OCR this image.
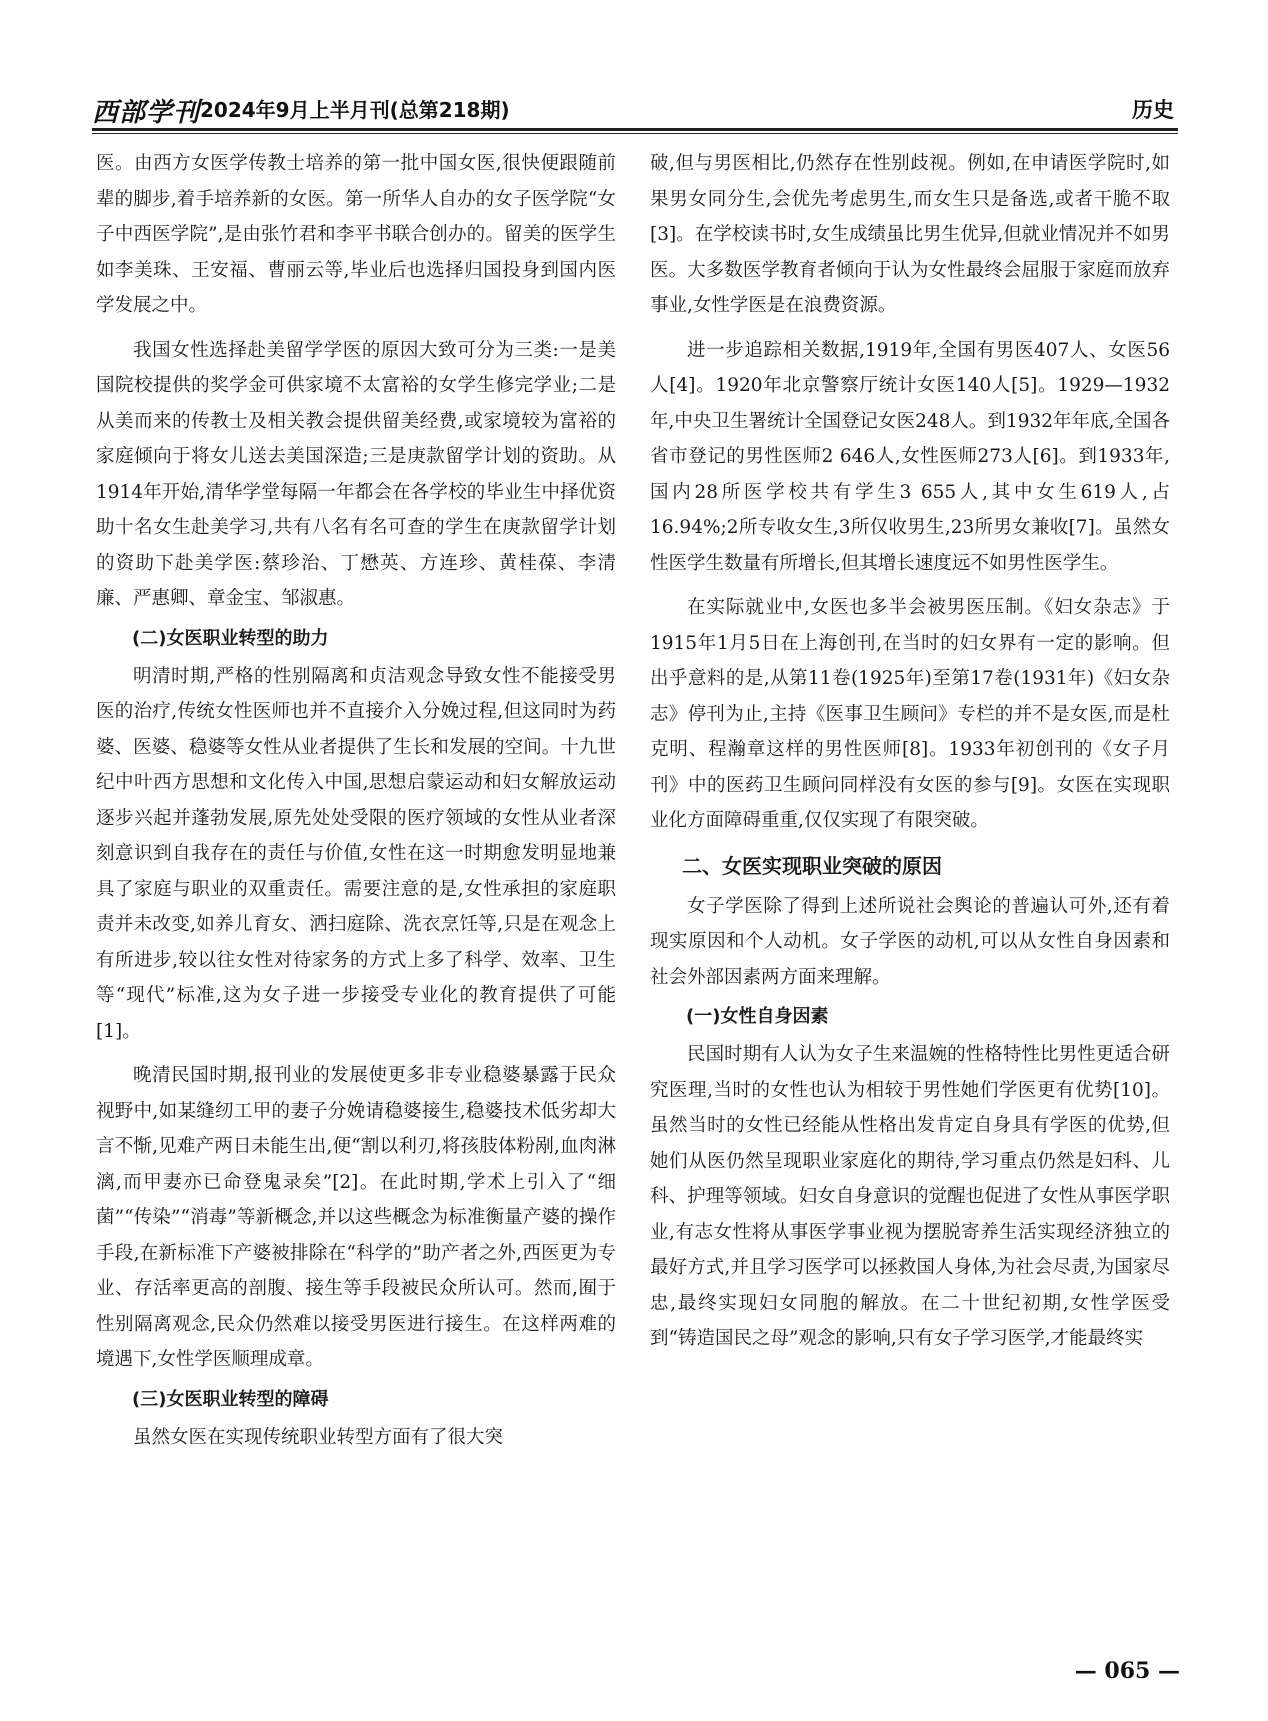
西部学刊 2024年9月上半月刊(总第218期)	历史

医。由西方女医学传教士培养的第一批中国女医,很快便跟随前辈的脚步,着手培养新的女医。第一所华人自办的女子医学院“女子中西医学院”,是由张竹君和李平书联合创办的。留美的医学生如李美珠、王安福、曹丽云等,毕业后也选择归国投身到国内医学发展之中。

我国女性选择赴美留学学医的原因大致可分为三类:一是美国院校提供的奖学金可供家境不太富裕的女学生修完学业;二是从美而来的传教士及相关教会提供留美经费,或家境较为富裕的家庭倾向于将女儿送去美国深造;三是庚款留学计划的资助。从1914年开始,清华学堂每隔一年都会在各学校的毕业生中择优资助十名女生赴美学习,共有八名有名可查的学生在庚款留学计划的资助下赴美学医:蔡珍治、丁懋英、方连珍、黄桂葆、李清廉、严惠卿、章金宝、邹淑惠。

(二)女医职业转型的助力

明清时期,严格的性别隔离和贞洁观念导致女性不能接受男医的治疗,传统女性医师也并不直接介入分娩过程,但这同时为药婆、医婆、稳婆等女性从业者提供了生长和发展的空间。十九世纪中叶西方思想和文化传入中国,思想启蒙运动和妇女解放运动逐步兴起并蓬勃发展,原先处处受限的医疗领域的女性从业者深刻意识到自我存在的责任与价值,女性在这一时期愈发明显地兼具了家庭与职业的双重责任。需要注意的是,女性承担的家庭职责并未改变,如养儿育女、洒扫庭除、洗衣烹饪等,只是在观念上有所进步,较以往女性对待家务的方式上多了科学、效率、卫生等“现代”标准,这为女子进一步接受专业化的教育提供了可能[1]。

晚清民国时期,报刊业的发展使更多非专业稳婆暴露于民众视野中,如某缝纫工甲的妻子分娩请稳婆接生,稳婆技术低劣却大言不惭,见难产两日未能生出,便“割以利刃,将孩肢体粉剐,血肉淋漓,而甲妻亦已命登鬼录矣”[2]。在此时期,学术上引入了“细菌”“传染”“消毒”等新概念,并以这些概念为标准衡量产婆的操作手段,在新标准下产婆被排除在“科学的”助产者之外,西医更为专业、存活率更高的剖腹、接生等手段被民众所认可。然而,囿于性别隔离观念,民众仍然难以接受男医进行接生。在这样两难的境遇下,女性学医顺理成章。

(三)女医职业转型的障碍

虽然女医在实现传统职业转型方面有了很大突

破,但与男医相比,仍然存在性别歧视。例如,在申请医学院时,如果男女同分生,会优先考虑男生,而女生只是备选,或者干脆不取[3]。在学校读书时,女生成绩虽比男生优异,但就业情况并不如男医。大多数医学教育者倾向于认为女性最终会屈服于家庭而放弃事业,女性学医是在浪费资源。

进一步追踪相关数据,1919年,全国有男医407人、女医56人[4]。1920年北京警察厅统计女医140人[5]。1929—1932年,中央卫生署统计全国登记女医248人。到1932年年底,全国各省市登记的男性医师2 646人,女性医师273人[6]。到1933年,国内28所医学校共有学生3 655人,其中女生619人,占16.94%;2所专收女生,3所仅收男生,23所男女兼收[7]。虽然女性医学生数量有所增长,但其增长速度远不如男性医学生。

在实际就业中,女医也多半会被男医压制。《妇女杂志》于1915年1月5日在上海创刊,在当时的妇女界有一定的影响。但出乎意料的是,从第11卷(1925年)至第17卷(1931年)《妇女杂志》停刊为止,主持《医事卫生顾问》专栏的并不是女医,而是杜克明、程瀚章这样的男性医师[8]。1933年初创刊的《女子月刊》中的医药卫生顾问同样没有女医的参与[9]。女医在实现职业化方面障碍重重,仅仅实现了有限突破。

二、女医实现职业突破的原因

女子学医除了得到上述所说社会舆论的普遍认可外,还有着现实原因和个人动机。女子学医的动机,可以从女性自身因素和社会外部因素两方面来理解。

(一)女性自身因素

民国时期有人认为女子生来温婉的性格特性比男性更适合研究医理,当时的女性也认为相较于男性她们学医更有优势[10]。虽然当时的女性已经能从性格出发肯定自身具有学医的优势,但她们从医仍然呈现职业家庭化的期待,学习重点仍然是妇科、儿科、护理等领域。妇女自身意识的觉醒也促进了女性从事医学职业,有志女性将从事医学事业视为摆脱寄养生活实现经济独立的最好方式,并且学习医学可以拯救国人身体,为社会尽责,为国家尽忠,最终实现妇女同胞的解放。在二十世纪初期,女性学医受到“铸造国民之母”观念的影响,只有女子学习医学,才能最终实

— 065 —
